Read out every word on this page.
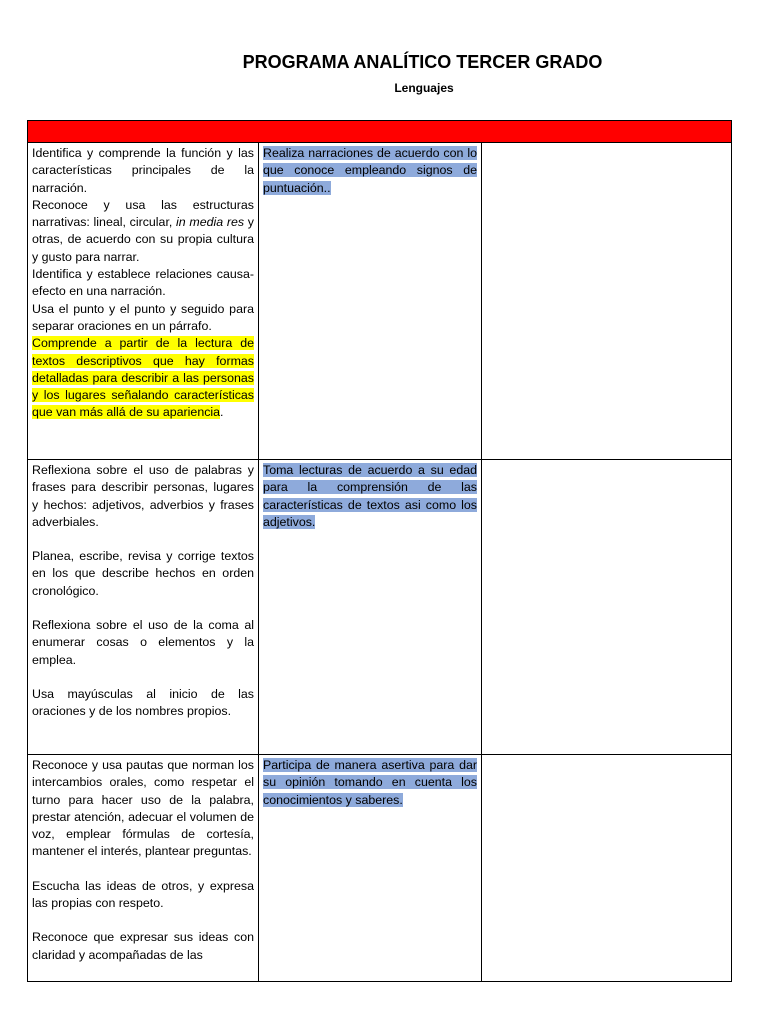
PROGRAMA ANALÍTICO TERCER GRADO
Lenguajes

Identifica y comprende la función y las características principales de la narración.
Reconoce y usa las estructuras narrativas: lineal, circular, in media res y otras, de acuerdo con su propia cultura y gusto para narrar.
Identifica y establece relaciones causa-efecto en una narración.
Usa el punto y el punto y seguido para separar oraciones en un párrafo.
Comprende a partir de la lectura de textos descriptivos que hay formas detalladas para describir a las personas y los lugares señalando características que van más allá de su apariencia.	Realiza narraciones de acuerdo con lo que conoce empleando signos de puntuación..	

Reflexiona sobre el uso de palabras y frases para describir personas, lugares y hechos: adjetivos, adverbios y frases adverbiales.
Planea, escribe, revisa y corrige textos en los que describe hechos en orden cronológico.
Reflexiona sobre el uso de la coma al enumerar cosas o elementos y la emplea.
Usa mayúsculas al inicio de las oraciones y de los nombres propios.	Toma lecturas de acuerdo a su edad para la comprensión de las características de textos asi como los adjetivos.	

Reconoce y usa pautas que norman los intercambios orales, como respetar el turno para hacer uso de la palabra, prestar atención, adecuar el volumen de voz, emplear fórmulas de cortesía, mantener el interés, plantear preguntas.
Escucha las ideas de otros, y expresa las propias con respeto.
Reconoce que expresar sus ideas con claridad y acompañadas de las	Participa de manera asertiva para dar su opinión tomando en cuenta los conocimientos y saberes.	
